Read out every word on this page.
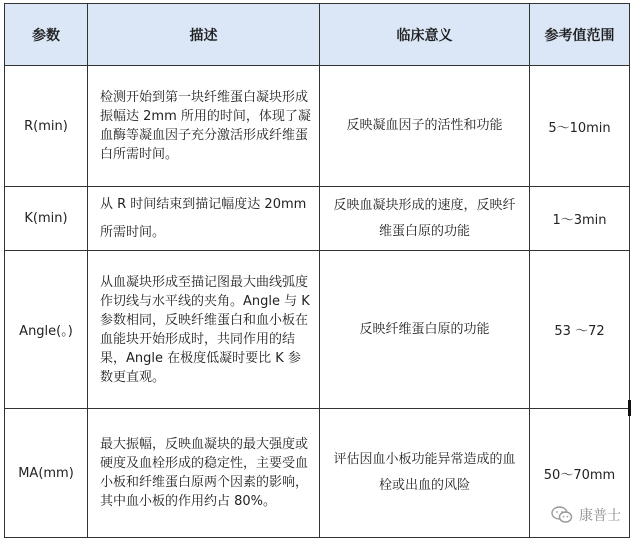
参数	描述	临床意义	参考值范围
R(min)	检测开始到第一块纤维蛋白凝块形成振幅达 2mm 所用的时间，体现了凝血酶等凝血因子充分激活形成纤维蛋白所需时间。	反映凝血因子的活性和功能	5～10min
K(min)	从 R 时间结束到描记幅度达 20mm 所需时间。	反映血凝块形成的速度，反映纤维蛋白原的功能	1～3min
Angle(。)	从血凝块形成至描记图最大曲线弧度作切线与水平线的夹角。Angle 与 K 参数相同，反映纤维蛋白和血小板在血能块开始形成时，共同作用的结果，Angle 在极度低凝时要比 K 参数更直观。	反映纤维蛋白原的功能	53 ～72
MA(mm)	最大振幅，反映血凝块的最大强度或硬度及血栓形成的稳定性，主要受血小板和纤维蛋白原两个因素的影响，其中血小板的作用约占 80%。	评估因血小板功能异常造成的血栓或出血的风险	50～70mm
康普士
